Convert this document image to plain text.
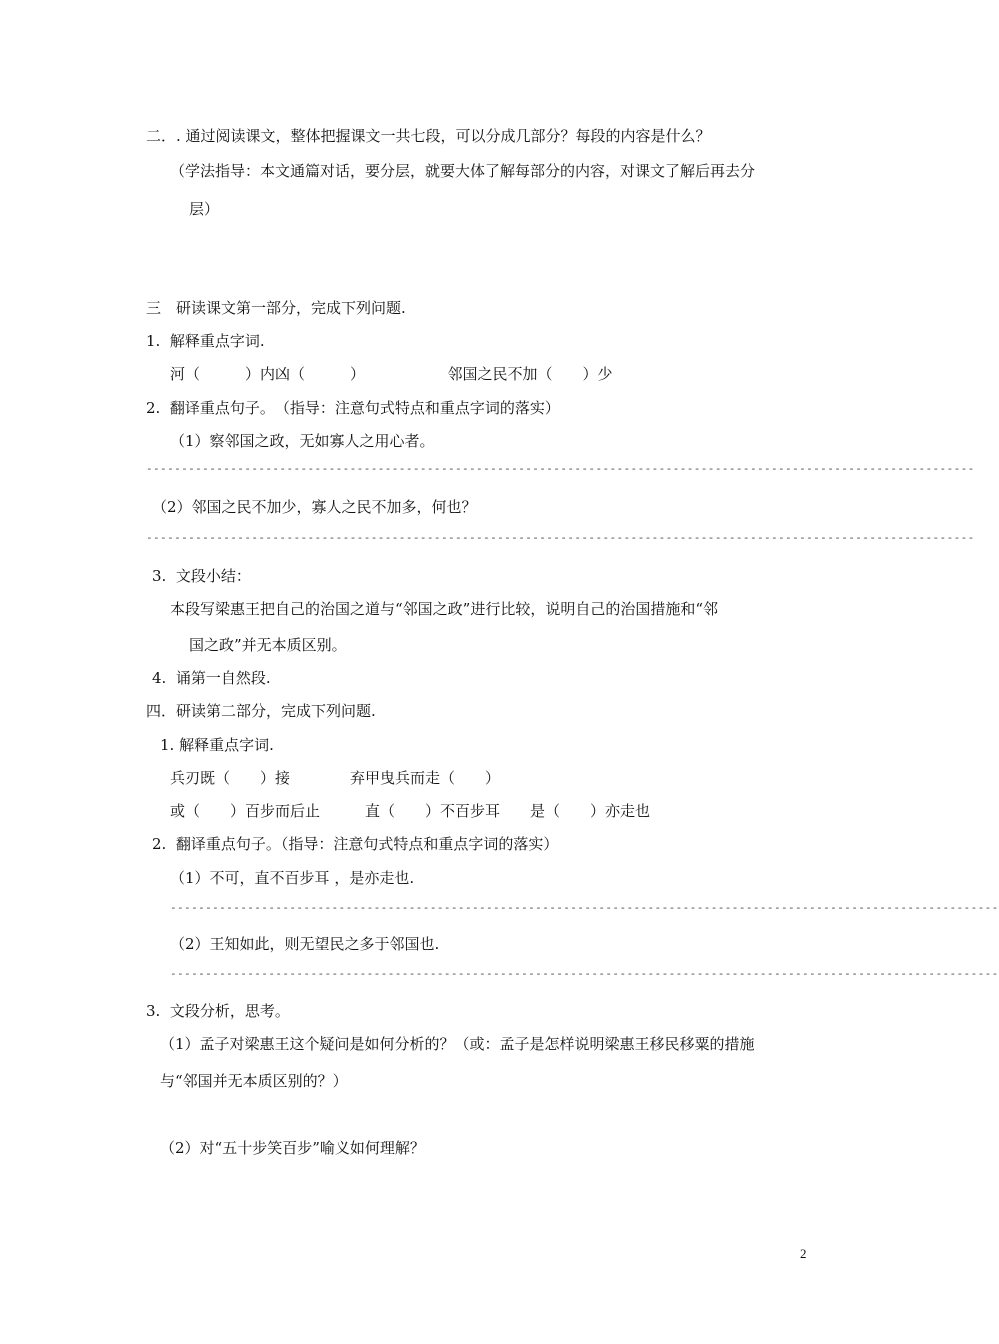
二．. 通过阅读课文，整体把握课文一共七段，可以分成几部分？每段的内容是什么？
（学法指导：本文通篇对话，要分层，就要大体了解每部分的内容，对课文了解后再去分
层）
三　研读课文第一部分，完成下列问题.
1.  解释重点字词.
河（　　　）内凶（　　　）　　　　　　邻国之民不加（　　）少
2.  翻译重点句子。　（指导：注意句式特点和重点字词的落实）
（1）察邻国之政，无如寡人之用心者。
----------------------------------------------------------------------------------------------------------------------
（2）邻国之民不加少，寡人之民不加多，何也？
----------------------------------------------------------------------------------------------------------------------
3.  文段小结：
本段写梁惠王把自己的治国之道与“邻国之政”进行比较，说明自己的治国措施和“邻
国之政”并无本质区别。
4.  诵第一自然段.
四．研读第二部分，完成下列问题.
1. 解释重点字词.
兵刃既（　　）接　　　　弃甲曳兵而走（　　）
或（　　）百步而后止　　　直（　　）不百步耳　　是（　　）亦走也
2.  翻译重点句子。（指导：注意句式特点和重点字词的落实）
（1）不可，直不百步耳 ，是亦走也.
----------------------------------------------------------------------------------------------------------------------
（2）王知如此，则无望民之多于邻国也.
----------------------------------------------------------------------------------------------------------------------
3.  文段分析，思考。
（1）孟子对梁惠王这个疑问是如何分析的？（或：孟子是怎样说明梁惠王移民移粟的措施
与“邻国并无本质区别的？）
（2）对“五十步笑百步”喻义如何理解？
2
